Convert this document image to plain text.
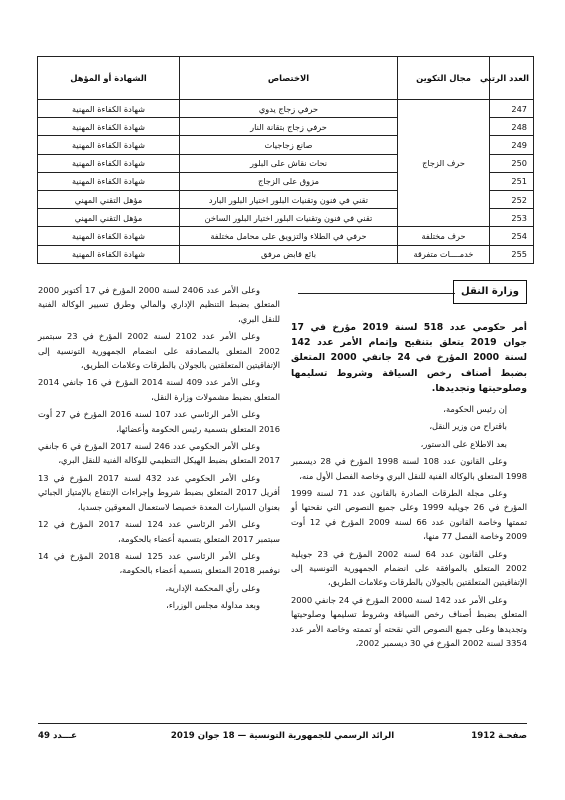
العدد الرتبي	مجال التكوين	الاختصاص	الشهادة أو المؤهل
247	حرف الزجاج	حرفي زجاج يدوي	شهادة الكفاءة المهنية
248		حرفي زجاج بتقانة النار	شهادة الكفاءة المهنية
249		صانع زجاجيات	شهادة الكفاءة المهنية
250		نحات نقاش على البلور	شهادة الكفاءة المهنية
251		مزوق على الزجاج	شهادة الكفاءة المهنية
252		تقني في فنون وتقنيات البلور اختيار البلور البارد	مؤهل التقني المهني
253		تقني في فنون وتقنيات البلور اختيار البلور الساخن	مؤهل التقني المهني
254	حرف مختلفة	حرفي في الطلاء والتزويق على محامل مختلفة	شهادة الكفاءة المهنية
255	خدمــــات متفرقة	بائع قابض مرفق	شهادة الكفاءة المهنية
وزارة النقل

أمر حكومي عدد 518 لسنة 2019 مؤرخ في 17 جوان 2019 يتعلق بتنقيح وإتمام الأمر عدد 142 لسنة 2000 المؤرخ في 24 جانفي 2000 المتعلق بضبط أصناف رخص السياقة وشروط تسليمها وصلوحيتها وتجديدها.

إن رئيس الحكومة،

باقتراح من وزير النقل،

بعد الاطلاع على الدستور،

وعلى القانون عدد 108 لسنة 1998 المؤرخ في 28 ديسمبر 1998 المتعلق بالوكالة الفنية للنقل البري وخاصة الفصل الأول منه،

وعلى مجلة الطرقات الصادرة بالقانون عدد 71 لسنة 1999 المؤرخ في 26 جويلية 1999 وعلى جميع النصوص التي نقحتها أو تممتها وخاصة القانون عدد 66 لسنة 2009 المؤرخ في 12 أوت 2009 وخاصة الفصل 77 منها،

وعلى القانون عدد 64 لسنة 2002 المؤرخ في 23 جويلية 2002 المتعلق بالموافقة على انضمام الجمهورية التونسية إلى الإتفاقيتين المتعلقتين بالجولان بالطرقات وعلامات الطريق،

وعلى الأمر عدد 142 لسنة 2000 المؤرخ في 24 جانفي 2000 المتعلق بضبط أصناف رخص السياقة وشروط تسليمها وصلوحيتها وتجديدها وعلى جميع النصوص التي نقحته أو تممته وخاصة الأمر عدد 3354 لسنة 2002 المؤرخ في 30 ديسمبر 2002،

وعلى الأمر عدد 2406 لسنة 2000 المؤرخ في 17 أكتوبر 2000 المتعلق بضبط التنظيم الإداري والمالي وطرق تسيير الوكالة الفنية للنقل البري،

وعلى الأمر عدد 2102 لسنة 2002 المؤرخ في 23 سبتمبر 2002 المتعلق بالمصادقة على انضمام الجمهورية التونسية إلى الإتفاقيتين المتعلقتين بالجولان بالطرقات وعلامات الطريق،

وعلى الأمر عدد 409 لسنة 2014 المؤرخ في 16 جانفي 2014 المتعلق بضبط مشمولات وزارة النقل،

وعلى الأمر الرئاسي عدد 107 لسنة 2016 المؤرخ في 27 أوت 2016 المتعلق بتسمية رئيس الحكومة وأعضائها،

وعلى الأمر الحكومي عدد 246 لسنة 2017 المؤرخ في 6 جانفي 2017 المتعلق بضبط الهيكل التنظيمي للوكالة الفنية للنقل البري،

وعلى الأمر الحكومي عدد 432 لسنة 2017 المؤرخ في 13 أفريل 2017 المتعلق بضبط شروط وإجراءات الإنتفاع بالإمتياز الجبائي بعنوان السيارات المعدة خصيصا لاستعمال المعوقين جسديا،

وعلى الأمر الرئاسي عدد 124 لسنة 2017 المؤرخ في 12 سبتمبر 2017 المتعلق بتسمية أعضاء بالحكومة،

وعلى الأمر الرئاسي عدد 125 لسنة 2018 المؤرخ في 14 نوفمبر 2018 المتعلق بتسمية أعضاء بالحكومة،

وعلى رأي المحكمة الإدارية،

وبعد مداولة مجلس الوزراء،

صفحـة 1912
الرائد الرسمي للجمهورية التونسية — 18 جوان 2019
عـــدد 49
